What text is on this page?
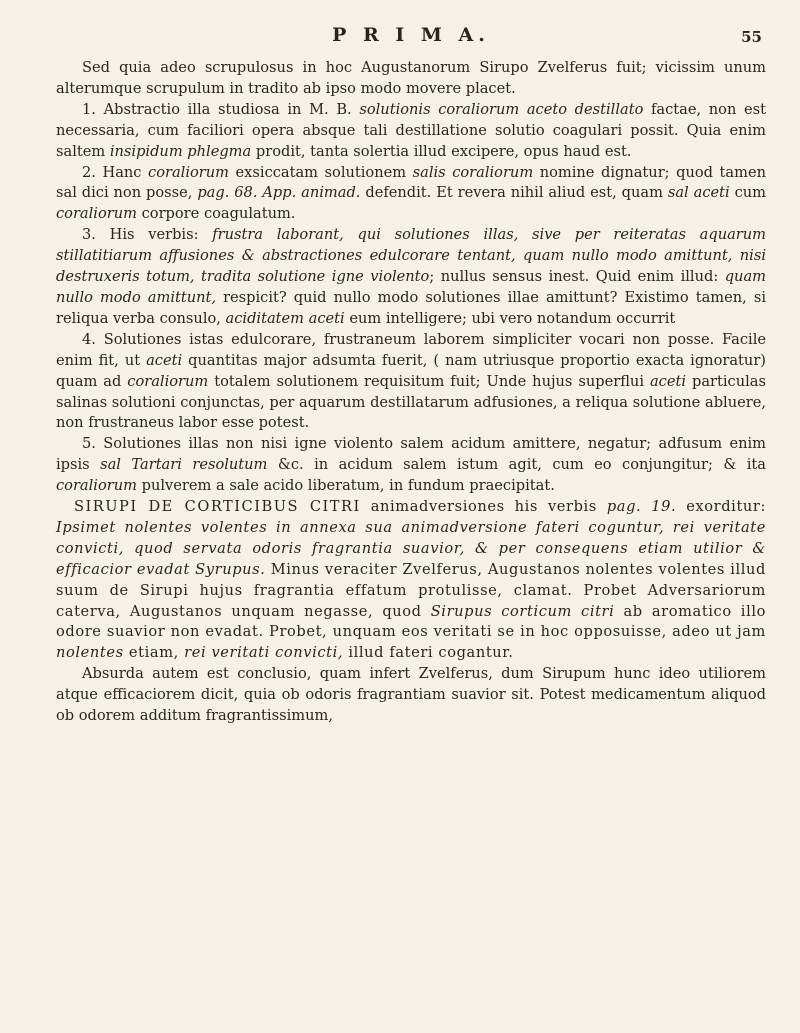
P R I M A.	55

Sed quia adeo scrupulosus in hoc Augustanorum Sirupo Zvelferus fuit; vicissim unum alterumque scrupulum in tradito ab ipso modo movere placet.

1. Abstractio illa studiosa in M. B. solutionis coraliorum aceto destillato factae, non est necessaria, cum faciliori opera absque tali destillatione solutio coagulari possit. Quia enim saltem insipidum phlegma prodit, tanta solertia illud excipere, opus haud est.

2. Hanc coraliorum exsiccatam solutionem salis coraliorum nomine dignatur; quod tamen sal dici non posse, pag. 68. App. animad. defendit. Et revera nihil aliud est, quam sal aceti cum coraliorum corpore coagulatum.

3. His verbis: frustra laborant, qui solutiones illas, sive per reiteratas aquarum stillatitiarum affusiones & abstractiones edulcorare tentant, quam nullo modo amittunt, nisi destruxeris totum, tradita solutione igne violento; nullus sensus inest. Quid enim illud: quam nullo modo amittunt, respicit? quid nullo modo solutiones illae amittunt? Existimo tamen, si reliqua verba consulo, aciditatem aceti eum intelligere; ubi vero notandum occurrit

4. Solutiones istas edulcorare, frustraneum laborem simpliciter vocari non posse. Facile enim fit, ut aceti quantitas major adsumta fuerit, ( nam utriusque proportio exacta ignoratur) quam ad coraliorum totalem solutionem requisitum fuit; Unde hujus superflui aceti particulas salinas solutioni conjunctas, per aquarum destillatarum adfusiones, a reliqua solutione abluere, non frustraneus labor esse potest.

5. Solutiones illas non nisi igne violento salem acidum amittere, negatur; adfusum enim ipsis sal Tartari resolutum &c. in acidum salem istum agit, cum eo conjungitur; & ita coraliorum pulverem a sale acido liberatum, in fundum praecipitat.

SIRUPI DE CORTICIBUS CITRI animadversiones his verbis pag. 19. exorditur: Ipsimet nolentes volentes in annexa sua animadversione fateri coguntur, rei veritate convicti, quod servata odoris fragrantia suavior, & per consequens etiam utilior & efficacior evadat Syrupus. Minus veraciter Zvelferus, Augustanos nolentes volentes illud suum de Sirupi hujus fragrantia effatum protulisse, clamat. Probet Adversariorum caterva, Augustanos unquam negasse, quod Sirupus corticum citri ab aromatico illo odore suavior non evadat. Probet, unquam eos veritati se in hoc opposuisse, adeo ut jam nolentes etiam, rei veritati convicti, illud fateri cogantur.

Absurda autem est conclusio, quam infert Zvelferus, dum Sirupum hunc ideo utiliorem atque efficaciorem dicit, quia ob odoris fragrantiam suavior sit. Potest medicamentum aliquod ob odorem additum fragrantissimum,
